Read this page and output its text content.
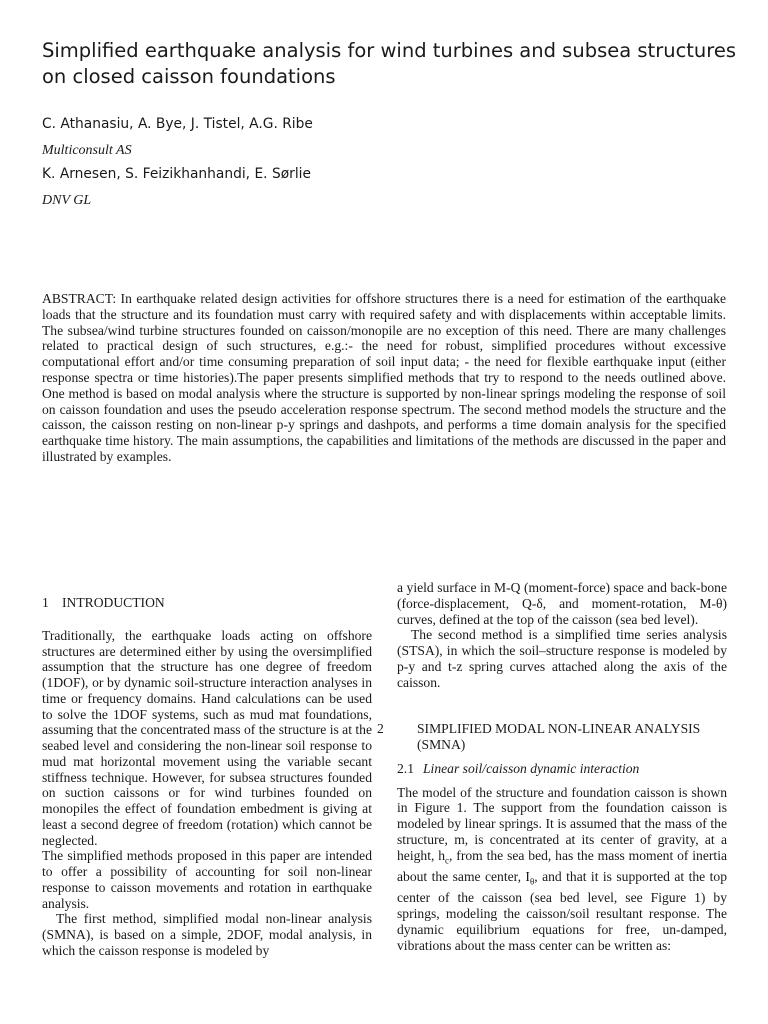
Simplified earthquake analysis for wind turbines and subsea structures on closed caisson foundations

C. Athanasiu, A. Bye, J. Tistel, A.G. Ribe

Multiconsult AS

K. Arnesen, S. Feizikhanhandi, E. Sørlie

DNV GL

ABSTRACT: In earthquake related design activities for offshore structures there is a need for estimation of the earthquake loads that the structure and its foundation must carry with required safety and with displacements within acceptable limits. The subsea/wind turbine structures founded on caisson/monopile are no exception of this need. There are many challenges related to practical design of such structures, e.g.:- the need for robust, simplified procedures without excessive computational effort and/or time consuming preparation of soil input data; - the need for flexible earthquake input (either response spectra or time histories).The paper presents simplified methods that try to respond to the needs outlined above. One method is based on modal analysis where the structure is supported by non-linear springs modeling the response of soil on caisson foundation and uses the pseudo acceleration response spectrum. The second method models the structure and the caisson, the caisson resting on non-linear p-y springs and dashpots, and performs a time domain analysis for the specified earthquake time history. The main assumptions, the capabilities and limitations of the methods are discussed in the paper and illustrated by examples.

1 INTRODUCTION

Traditionally, the earthquake loads acting on offshore structures are determined either by using the oversimplified assumption that the structure has one degree of freedom (1DOF), or by dynamic soil-structure interaction analyses in time or frequency domains. Hand calculations can be used to solve the 1DOF systems, such as mud mat foundations, assuming that the concentrated mass of the structure is at the seabed level and considering the non-linear soil response to mud mat horizontal movement using the variable secant stiffness technique. However, for subsea structures founded on suction caissons or for wind turbines founded on monopiles the effect of foundation embedment is giving at least a second degree of freedom (rotation) which cannot be neglected.

The simplified methods proposed in this paper are intended to offer a possibility of accounting for soil non-linear response to caisson movements and rotation in earthquake analysis.

The first method, simplified modal non-linear analysis (SMNA), is based on a simple, 2DOF, modal analysis, in which the caisson response is modeled by

a yield surface in M-Q (moment-force) space and back-bone (force-displacement, Q-δ, and moment-rotation, M-θ) curves, defined at the top of the caisson (sea bed level).

The second method is a simplified time series analysis (STSA), in which the soil–structure response is modeled by p-y and t-z spring curves attached along the axis of the caisson.

2 SIMPLIFIED MODAL NON-LINEAR ANALYSIS (SMNA)

2.1 Linear soil/caisson dynamic interaction

The model of the structure and foundation caisson is shown in Figure 1. The support from the foundation caisson is modeled by linear springs. It is assumed that the mass of the structure, m, is concentrated at its center of gravity, at a height, $h_c$, from the sea bed, has the mass moment of inertia about the same center, $I_\theta$, and that it is supported at the top center of the caisson (sea bed level, see Figure 1) by springs, modeling the caisson/soil resultant response. The dynamic equilibrium equations for free, un-damped, vibrations about the mass center can be written as:
